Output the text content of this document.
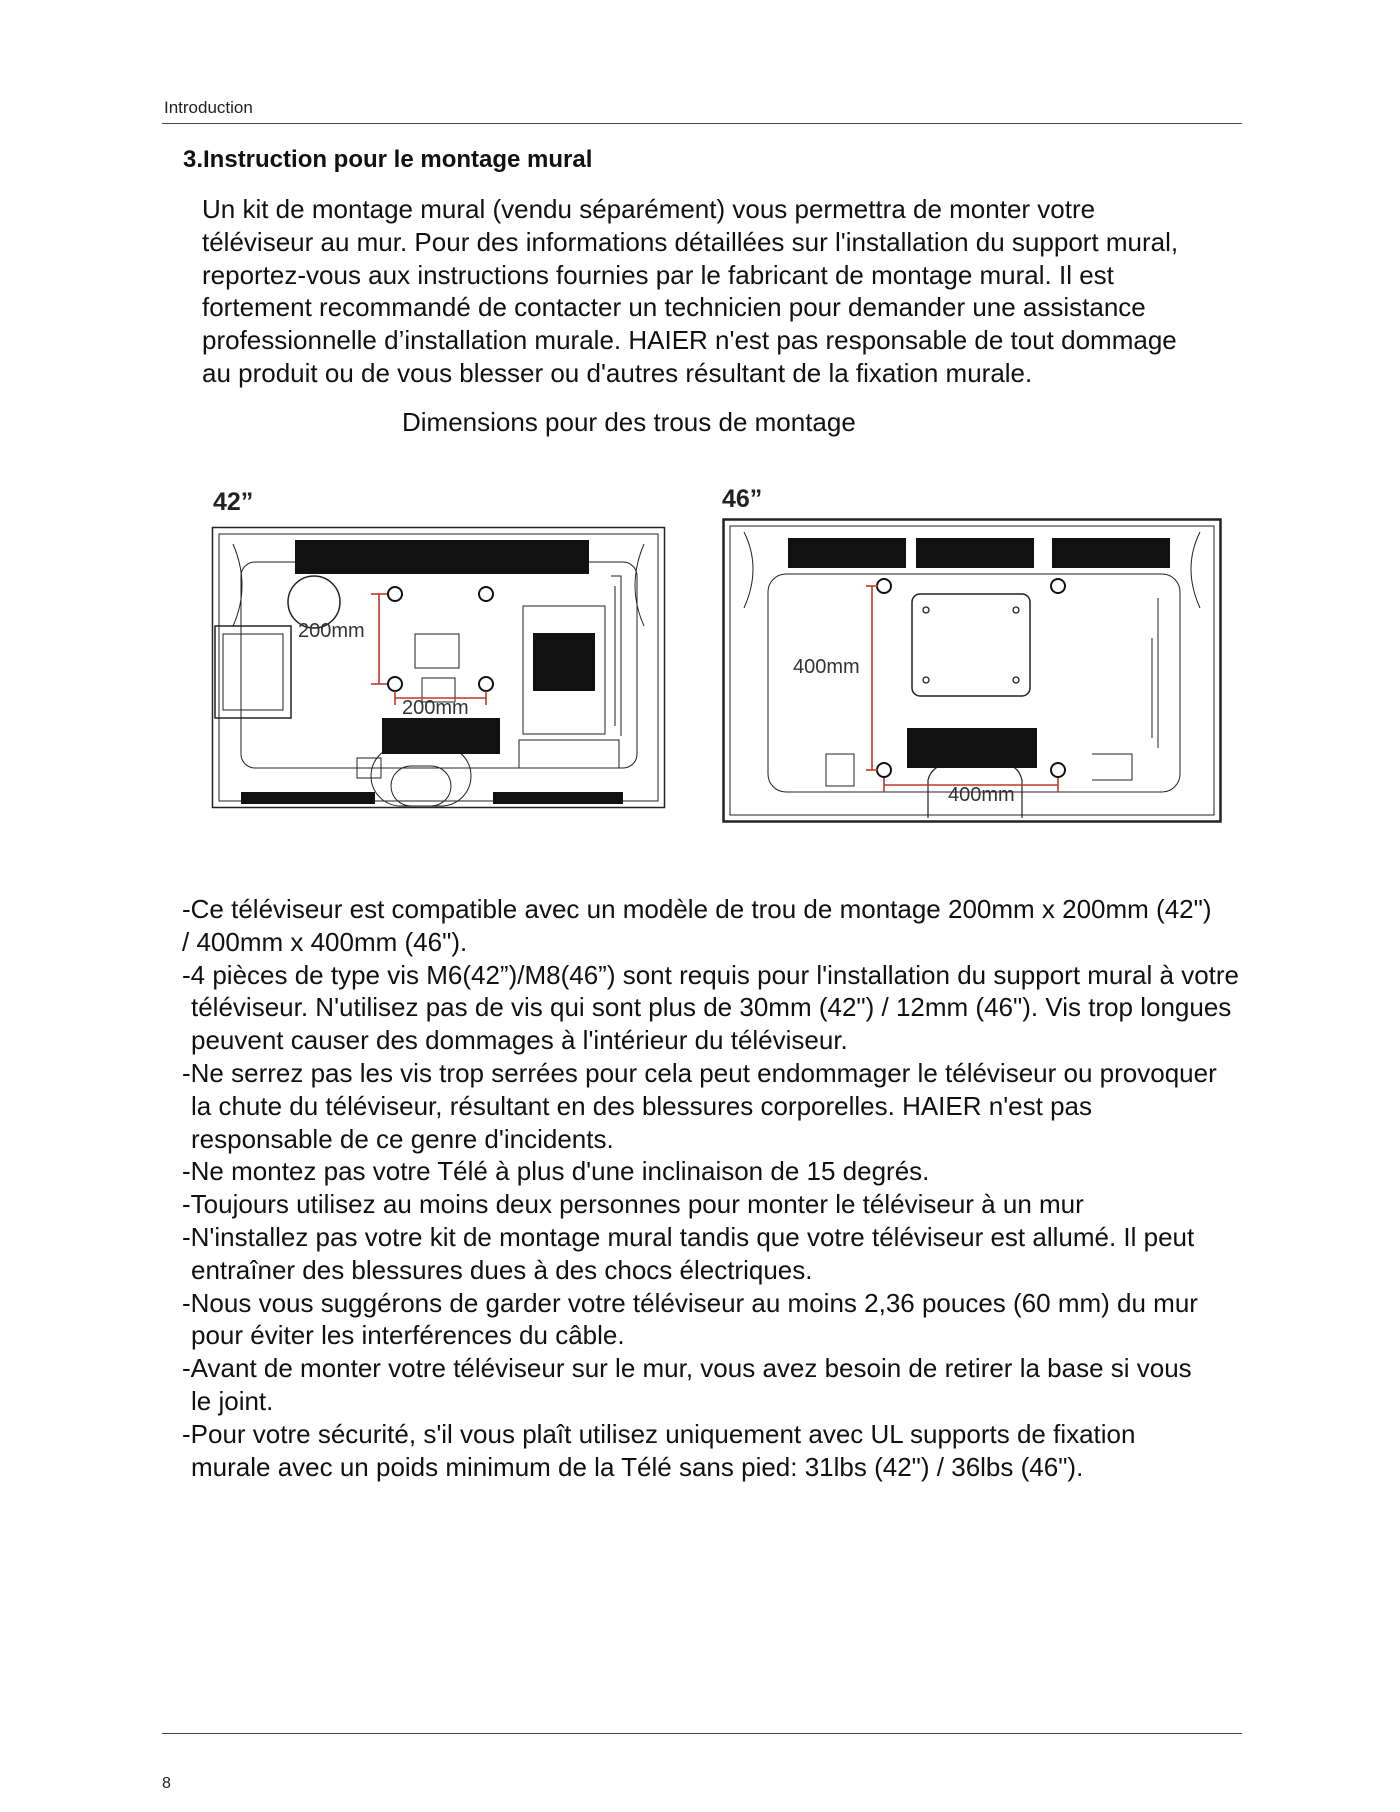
Introduction
3.Instruction pour le montage mural
Un kit de montage mural (vendu séparément) vous permettra de monter votre
téléviseur au mur. Pour des informations détaillées sur l'installation du support mural,
reportez-vous aux instructions fournies par le fabricant de montage mural. Il est
fortement recommandé de contacter un technicien pour demander une assistance
professionnelle d’installation murale. HAIER n'est pas responsable de tout dommage
au produit ou de vous blesser ou d'autres résultant de la fixation murale.
Dimensions pour des trous de montage
42”
200mm
200mm
46”
400mm
400mm
-Ce téléviseur est compatible avec un modèle de trou de montage 200mm x 200mm (42")
/ 400mm x 400mm (46").
-4 pièces de type vis M6(42”)/M8(46”) sont requis pour l'installation du support mural à votre
téléviseur. N'utilisez pas de vis qui sont plus de 30mm (42") / 12mm (46"). Vis trop longues
peuvent causer des dommages à l'intérieur du téléviseur.
-Ne serrez pas les vis trop serrées pour cela peut endommager le téléviseur ou provoquer
la chute du téléviseur, résultant en des blessures corporelles. HAIER n'est pas
responsable de ce genre d'incidents.
-Ne montez pas votre Télé à plus d'une inclinaison de 15 degrés.
-Toujours utilisez au moins deux personnes pour monter le téléviseur à un mur
-N'installez pas votre kit de montage mural tandis que votre téléviseur est allumé. Il peut
entraîner des blessures dues à des chocs électriques.
-Nous vous suggérons de garder votre téléviseur au moins 2,36 pouces (60 mm) du mur
pour éviter les interférences du câble.
-Avant de monter votre téléviseur sur le mur, vous avez besoin de retirer la base si vous
le joint.
-Pour votre sécurité, s'il vous plaît utilisez uniquement avec UL supports de fixation
murale avec un poids minimum de la Télé sans pied: 31lbs (42") / 36lbs (46").
8
